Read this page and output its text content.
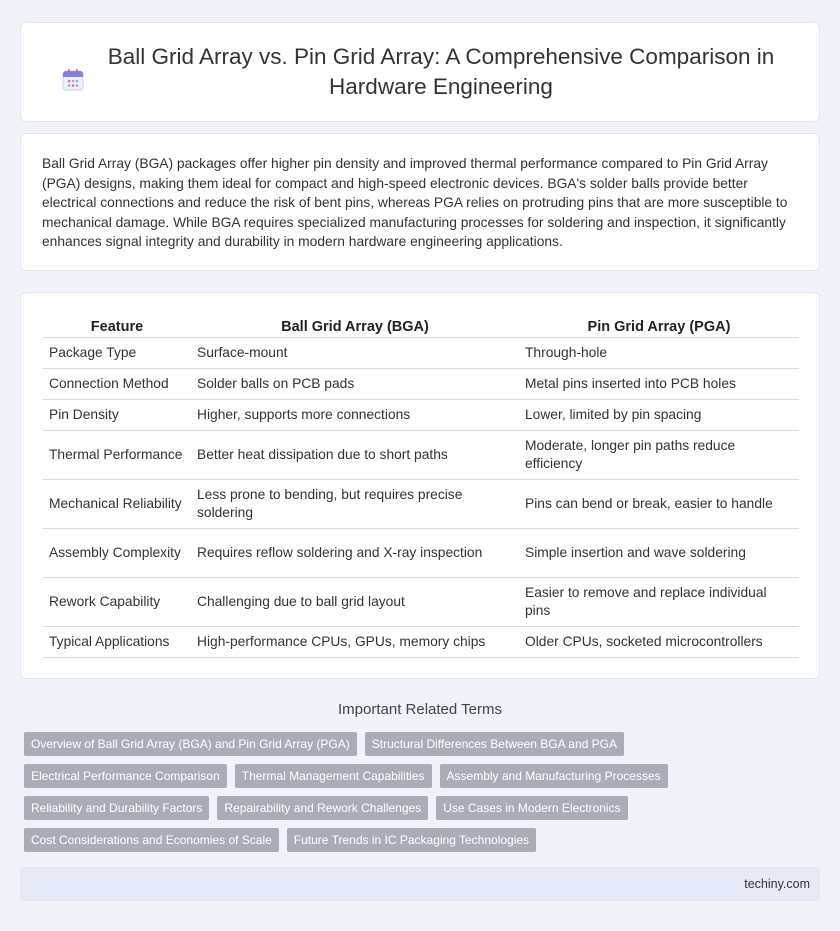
Ball Grid Array vs. Pin Grid Array: A Comprehensive Comparison in Hardware Engineering

Ball Grid Array (BGA) packages offer higher pin density and improved thermal performance compared to Pin Grid Array (PGA) designs, making them ideal for compact and high-speed electronic devices. BGA's solder balls provide better electrical connections and reduce the risk of bent pins, whereas PGA relies on protruding pins that are more susceptible to mechanical damage. While BGA requires specialized manufacturing processes for soldering and inspection, it significantly enhances signal integrity and durability in modern hardware engineering applications.

Feature	Ball Grid Array (BGA)	Pin Grid Array (PGA)
Package Type	Surface-mount	Through-hole
Connection Method	Solder balls on PCB pads	Metal pins inserted into PCB holes
Pin Density	Higher, supports more connections	Lower, limited by pin spacing
Thermal Performance	Better heat dissipation due to short paths	Moderate, longer pin paths reduce efficiency
Mechanical Reliability	Less prone to bending, but requires precise soldering	Pins can bend or break, easier to handle
Assembly Complexity	Requires reflow soldering and X-ray inspection	Simple insertion and wave soldering
Rework Capability	Challenging due to ball grid layout	Easier to remove and replace individual pins
Typical Applications	High-performance CPUs, GPUs, memory chips	Older CPUs, socketed microcontrollers
Important Related Terms
Overview of Ball Grid Array (BGA) and Pin Grid Array (PGA)	Structural Differences Between BGA and PGA
Electrical Performance Comparison	Thermal Management Capabilities	Assembly and Manufacturing Processes
Reliability and Durability Factors	Repairability and Rework Challenges	Use Cases in Modern Electronics
Cost Considerations and Economies of Scale	Future Trends in IC Packaging Technologies
techiny.com
